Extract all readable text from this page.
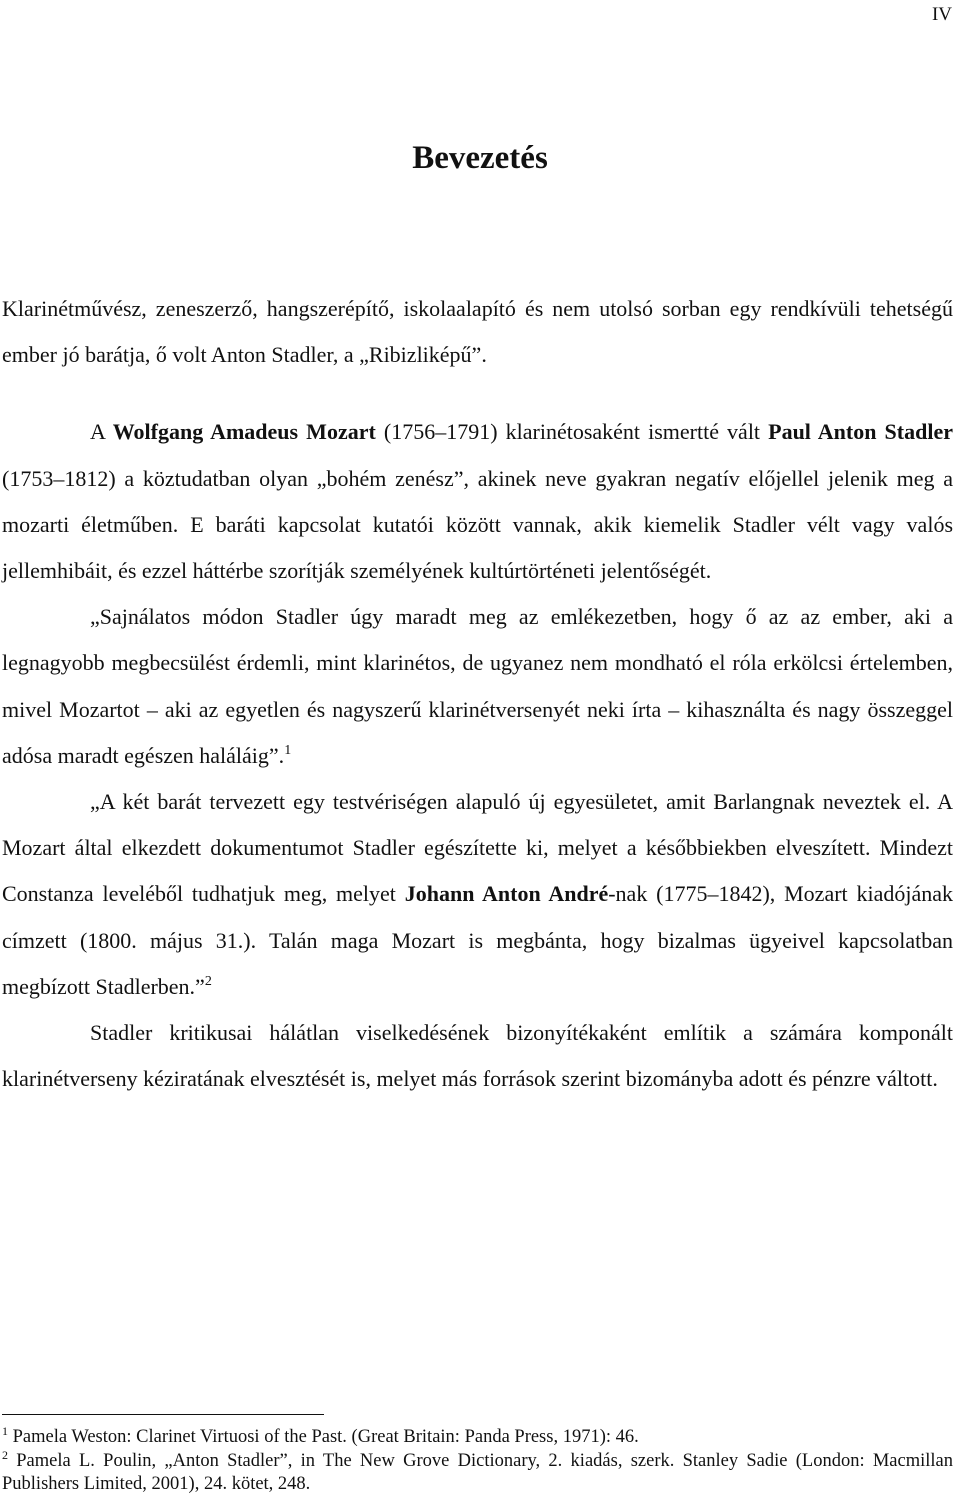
IV
Bevezetés

Klarinétművész, zeneszerző, hangszerépítő, iskolaalapító és nem utolsó sorban egy rendkívüli tehetségű ember jó barátja, ő volt Anton Stadler, a „Ribizliképű”.

A Wolfgang Amadeus Mozart (1756–1791) klarinétosaként ismertté vált Paul Anton Stadler (1753–1812) a köztudatban olyan „bohém zenész”, akinek neve gyakran negatív előjellel jelenik meg a mozarti életműben. E baráti kapcsolat kutatói között vannak, akik kiemelik Stadler vélt vagy valós jellemhibáit, és ezzel háttérbe szorítják személyének kultúrtörténeti jelentőségét.

„Sajnálatos módon Stadler úgy maradt meg az emlékezetben, hogy ő az az ember, aki a legnagyobb megbecsülést érdemli, mint klarinétos, de ugyanez nem mondható el róla erkölcsi értelemben, mivel Mozartot – aki az egyetlen és nagyszerű klarinétversenyét neki írta – kihasználta és nagy összeggel adósa maradt egészen haláláig”.$^1$

„A két barát tervezett egy testvériségen alapuló új egyesületet, amit Barlangnak neveztek el. A Mozart által elkezdett dokumentumot Stadler egészítette ki, melyet a későbbiekben elveszített. Mindezt Constanza leveléből tudhatjuk meg, melyet Johann Anton André-nak (1775–1842), Mozart kiadójának címzett (1800. május 31.). Talán maga Mozart is megbánta, hogy bizalmas ügyeivel kapcsolatban megbízott Stadlerben.”$^2$

Stadler kritikusai hálátlan viselkedésének bizonyítékaként említik a számára komponált klarinétverseny kéziratának elvesztését is, melyet más források szerint bizományba adott és pénzre váltott.

$^1$ Pamela Weston: Clarinet Virtuosi of the Past. (Great Britain: Panda Press, 1971): 46.

$^2$ Pamela L. Poulin, „Anton Stadler”, in The New Grove Dictionary, 2. kiadás, szerk. Stanley Sadie (London: Macmillan Publishers Limited, 2001), 24. kötet, 248.
